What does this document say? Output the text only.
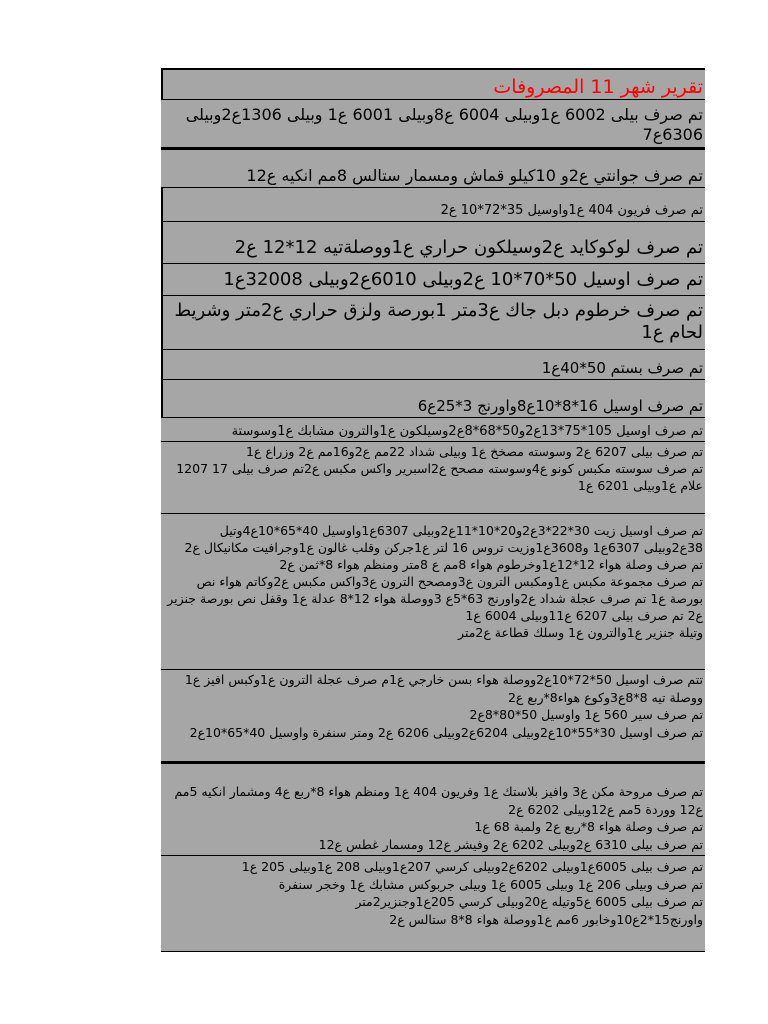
تقرير شهر 11 المصروفات
تم صرف بيلى 6002 ع1وبيلى 6004 ع8وبيلى 6001 ع1 وبيلى 1306ع2وبيلى 6306ع7
تم صرف جوانتي ع2و 10كيلو قماش ومسمار ستالس 8مم انكيه ع12
تم صرف فريون 404 ع1واوسيل 35*72*10 ع2
تم صرف لوكوكايد ع2وسيلكون حراري ع1ووصلةتيه 12*12 ع2
تم صرف اوسيل 50*70*10 ع2وبيلى 6010ع2وبيلى 32008ع1
تم صرف خرطوم دبل جاك ع3متر 1بورصة ولزق حراري ع2متر وشريط لحام ع1
تم صرف بستم 50*40ع1
تم صرف اوسيل 16*8*10ع8واورنج 3*25ع6
تم صرف اوسيل 105*75*13ع2و50*68*8ع2وسيلكون ع1والترون مشابك ع1وسوستة
تم صرف بيلى 6207 ع2 وسوسته مصخخ ع1 وبيلى شداد 22مم ع2و16مم ع2 وزراع ع1
تم صرف سوسته مكبس كونو ع4وسوسته مصحح ع2اسبرير واكس مكبس ع2تم صرف بيلى 17 1207 علام ع1وبيلى 6201 ع1
تم صرف اوسيل زيت 30*22*3ع2و20*10*11ع2وبيلى 6307ع1واوسيل 40*65*10ع4وتيل 38ع2وبيلى 6307ع1 و3608ع1وزيت تروس 16 لتر ع1جركن وقلب غالون ع1وجرافيت مكانيكال ع2
تم صرف وصلة هواء 12*12ع1وخرطوم هواء 8مم ع 8متر ومنظم هواء 8*ثمن ع2
تم صرف مجموعة مكبس ع1ومكبس الترون ع3ومصحح الترون ع3واكس مكبس ع2وكاتم هواء نص بورصة ع1 تم صرف عجلة شداد ع2واورنج 63*5ع 3ووصلة هواء 12*8 عدلة ع1 وقفل نص بورصة جنزير ع2 تم صرف بيلى 6207 ع11وبيلى 6004 ع1
وتيلة جنزير ع1والترون ع1 وسلك قطاعة ع2متر
تتم صرف اوسيل 50*72*10ع2ووصلة هواء بسن خارجي ع1م صرف عجلة الترون ع1وكبس افيز ع1 ووصلة تيه 8*8ع3وكوع هواء8*ربع ع2
تم صرف سير 560 ع1 واوسيل 50*80*8ع2
تم صرف اوسيل 30*55*10ع2وبيلى 6204ع2وبيلى 6206 ع2 ومتر سنفرة واوسيل 40*65*10ع2
تم صرف مروحة مكن ع3 وافيز بلاستك ع1 وفريون 404 ع1 ومنظم هواء 8*ربع ع4 ومشمار انكيه 5مم ع12 ووردة 5مم ع12وبيلى 6202 ع2
تم صرف وصلة هواء 8*ربع ع2 ولمبة 68 ع1
تم صرف بيلى 6310 ع2وبيلى 6202 ع2 وفيشر ع12 ومسمار غطس ع12
تم صرف بيلى 6005ع1وبيلى 6202ع2وبيلى كرسي 207ع1وبيلى 208 ع1وبيلى 205 ع1
تم صرف وبيلى 206 ع1 وبيلى 6005 ع1 وبيلى جربوكس مشابك ع1 وخجر سنفرة
تم صرف بيلى 6005 ع5وتيله ع20وبيلى كرسي 205ع1وجنزير2متر
واورنج15*2ع10وخابور 6مم ع1ووصلة هواء 8*8 ستالس ع2
